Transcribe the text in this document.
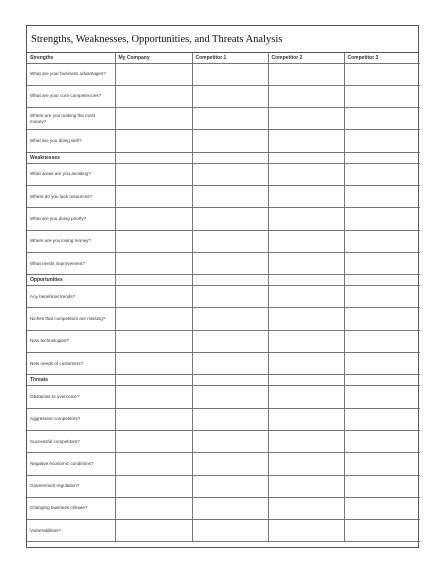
Strengths, Weaknesses, Opportunities, and Threats Analysis
Strengths	My Company	Competitor 1	Competitor 2	Competitor 3
What are your business advantages?				
What are your core competencies?				
Where are you making the most money?				
What are you doing well?				
Weaknesses				
What areas are you avoiding?				
Where do you lack resources?				
What are you doing poorly?				
Where are you losing money?				
What needs improvement?				
Opportunities				
Any beneficial trends?				
Niches that competitors are missing?				
New technologies?				
New needs of customers?				
Threats				
Obstacles to overcome?				
Aggressive competitors?				
Successful competitors?				
Negative economic conditions?				
Government regulation?				
Changing business climate?				
Vulnerabilities?				
